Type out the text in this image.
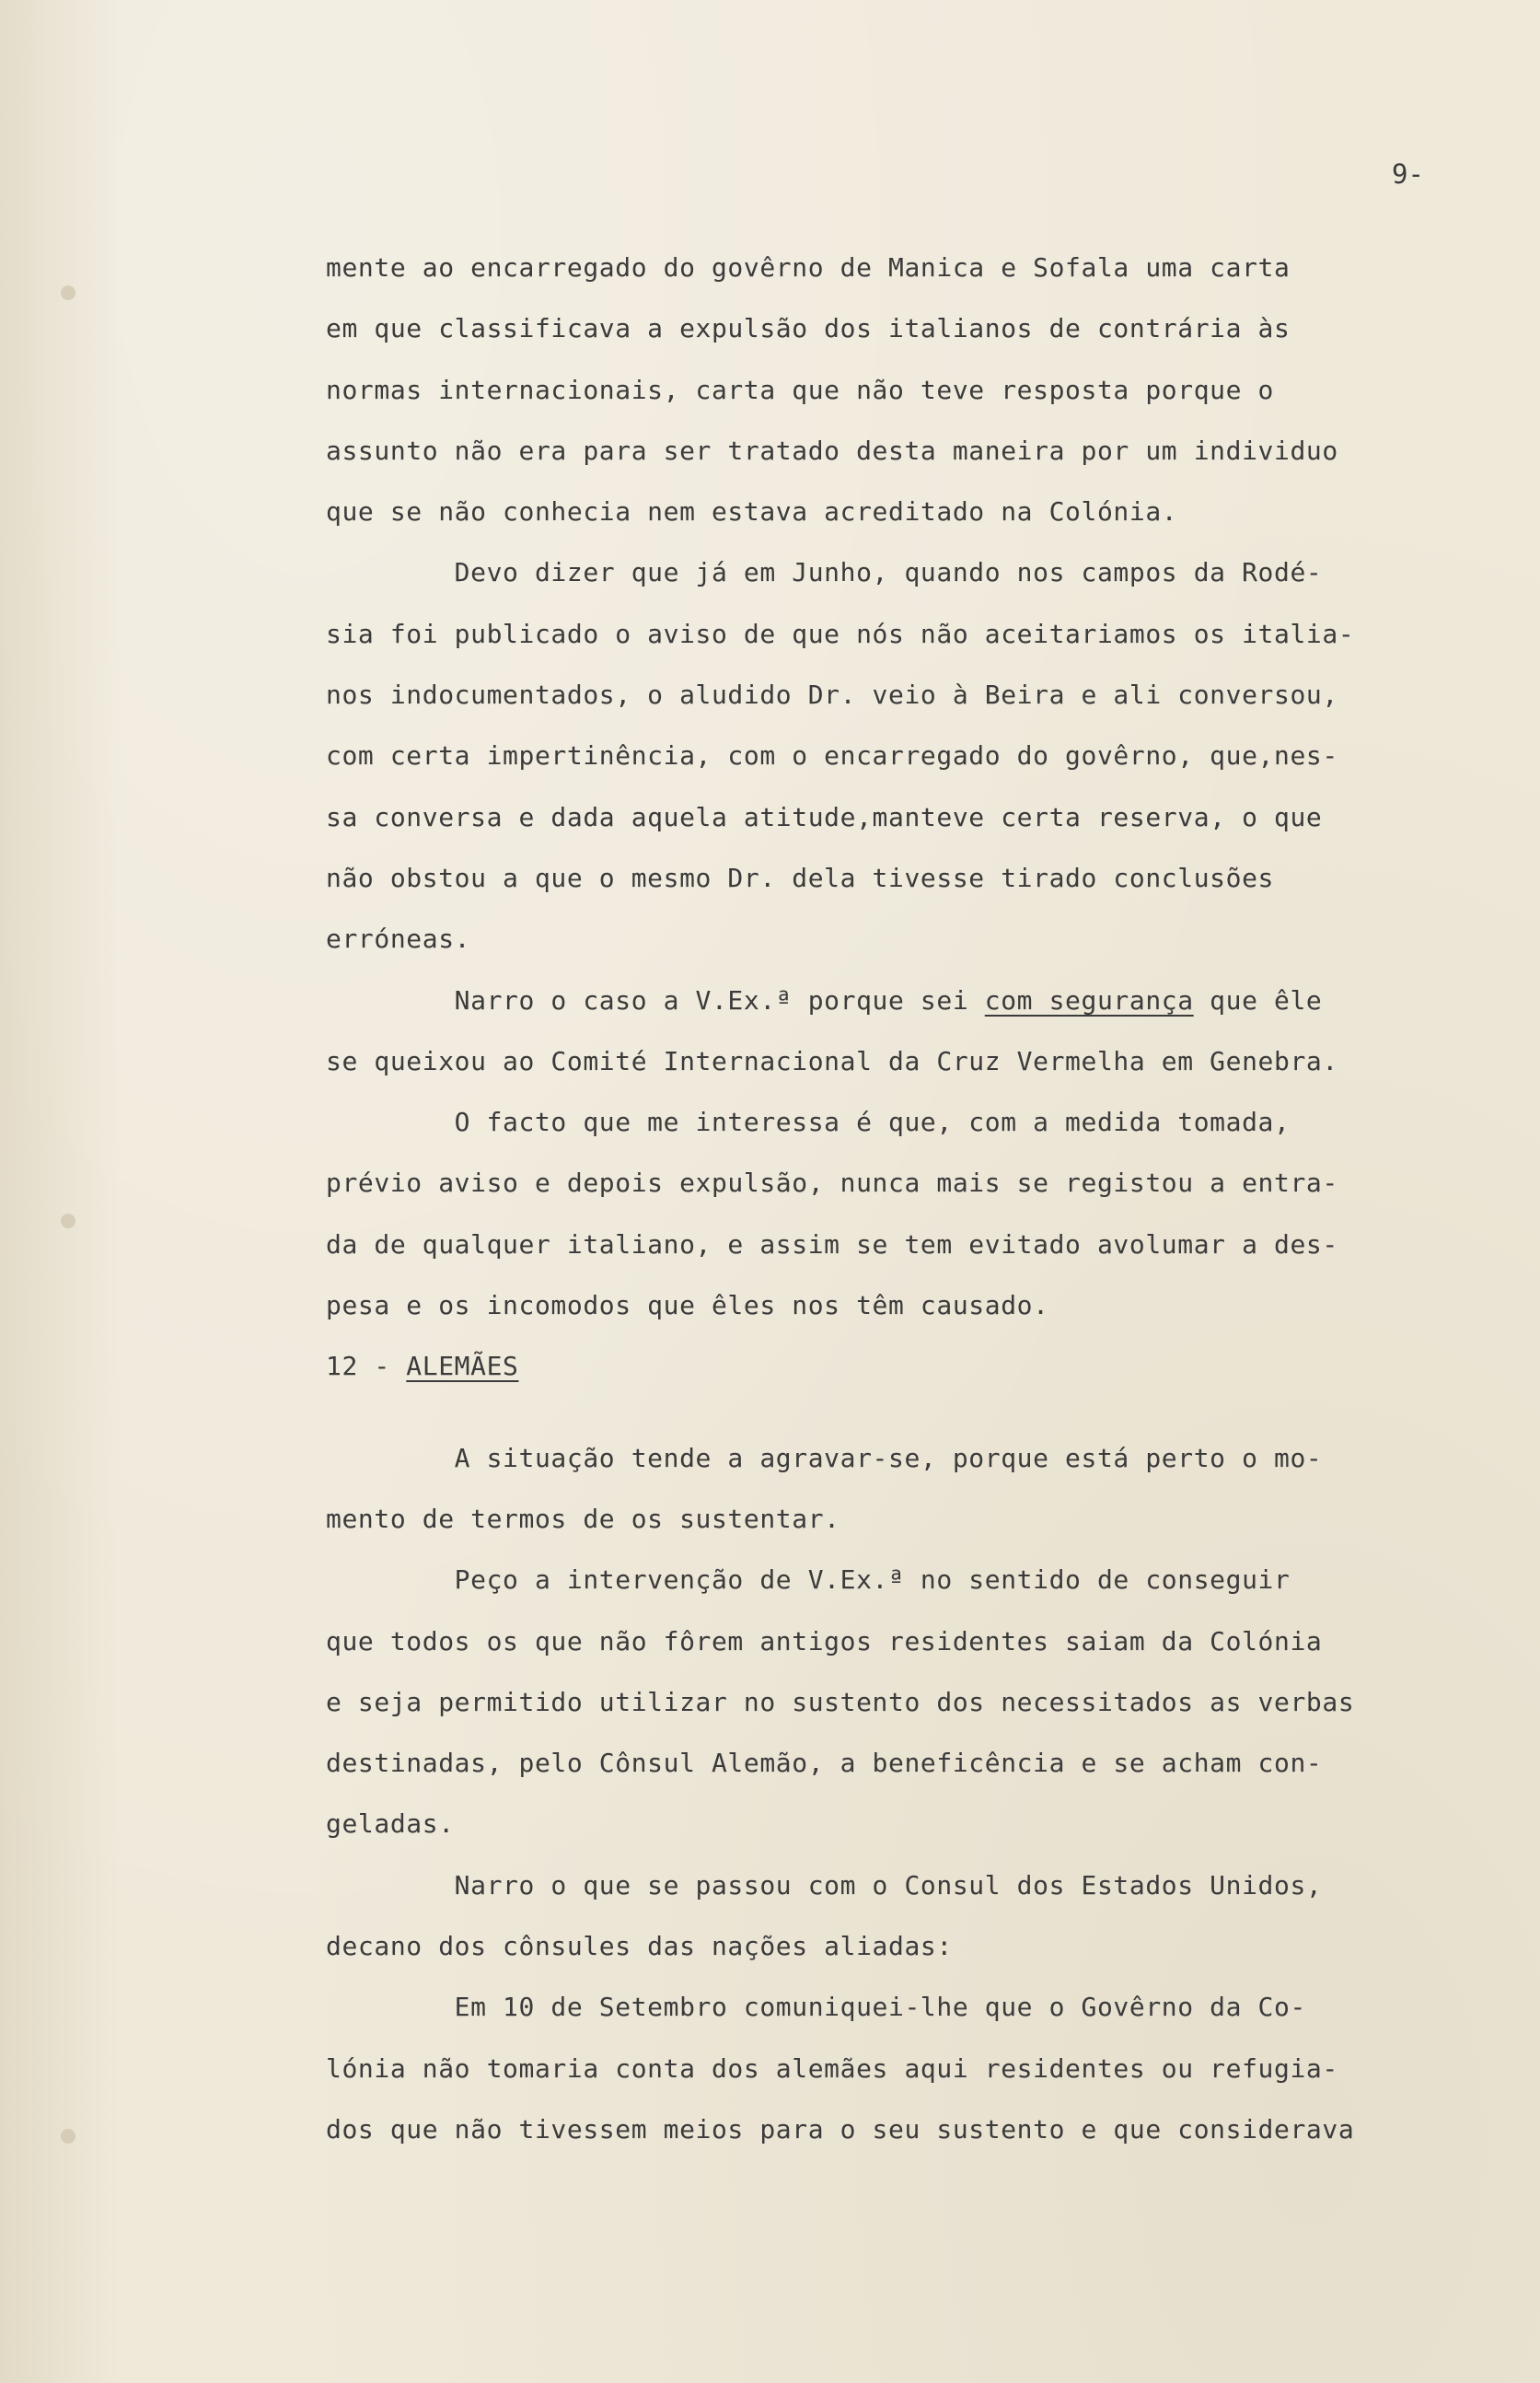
9-
mente ao encarregado do govêrno de Manica e Sofala uma carta
em que classificava a expulsão dos italianos de contrária às
normas internacionais, carta que não teve resposta porque o
assunto não era para ser tratado desta maneira por um individuo
que se não conhecia nem estava acreditado na Colónia.
Devo dizer que já em Junho, quando nos campos da Rodé-
sia foi publicado o aviso de que nós não aceitariamos os italia-
nos indocumentados, o aludido Dr. veio à Beira e ali conversou,
com certa impertinência, com o encarregado do govêrno, que,nes-
sa conversa e dada aquela atitude,manteve certa reserva, o que
não obstou a que o mesmo Dr. dela tivesse tirado conclusões
erróneas.
Narro o caso a V.Ex.ª porque sei com segurança que êle
se queixou ao Comité Internacional da Cruz Vermelha em Genebra.
O facto que me interessa é que, com a medida tomada,
prévio aviso e depois expulsão, nunca mais se registou a entra-
da de qualquer italiano, e assim se tem evitado avolumar a des-
pesa e os incomodos que êles nos têm causado.
12 - ALEMÃES
A situação tende a agravar-se, porque está perto o mo-
mento de termos de os sustentar.
Peço a intervenção de V.Ex.ª no sentido de conseguir
que todos os que não fôrem antigos residentes saiam da Colónia
e seja permitido utilizar no sustento dos necessitados as verbas
destinadas, pelo Cônsul Alemão, a beneficência e se acham con-
geladas.
Narro o que se passou com o Consul dos Estados Unidos,
decano dos cônsules das nações aliadas:
Em 10 de Setembro comuniquei-lhe que o Govêrno da Co-
lónia não tomaria conta dos alemães aqui residentes ou refugia-
dos que não tivessem meios para o seu sustento e que considerava
